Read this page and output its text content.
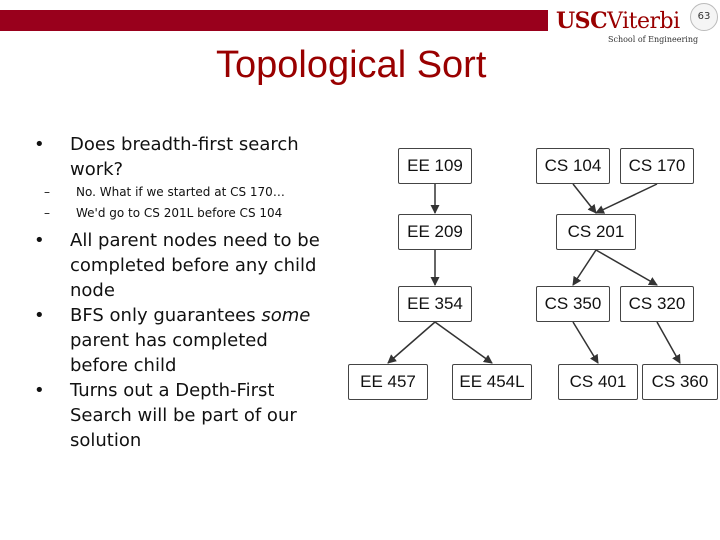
USCViterbi
School of Engineering
63
Topological Sort
• Does breadth-first search work?
– No. What if we started at CS 170…
– We'd go to CS 201L before CS 104
• All parent nodes need to be completed before any child node
• BFS only guarantees some parent has completed before child
• Turns out a Depth-First Search will be part of our solution
EE 109	CS 104	CS 170
EE 209	CS 201
EE 354	CS 350	CS 320
EE 457	EE 454L	CS 401	CS 360
